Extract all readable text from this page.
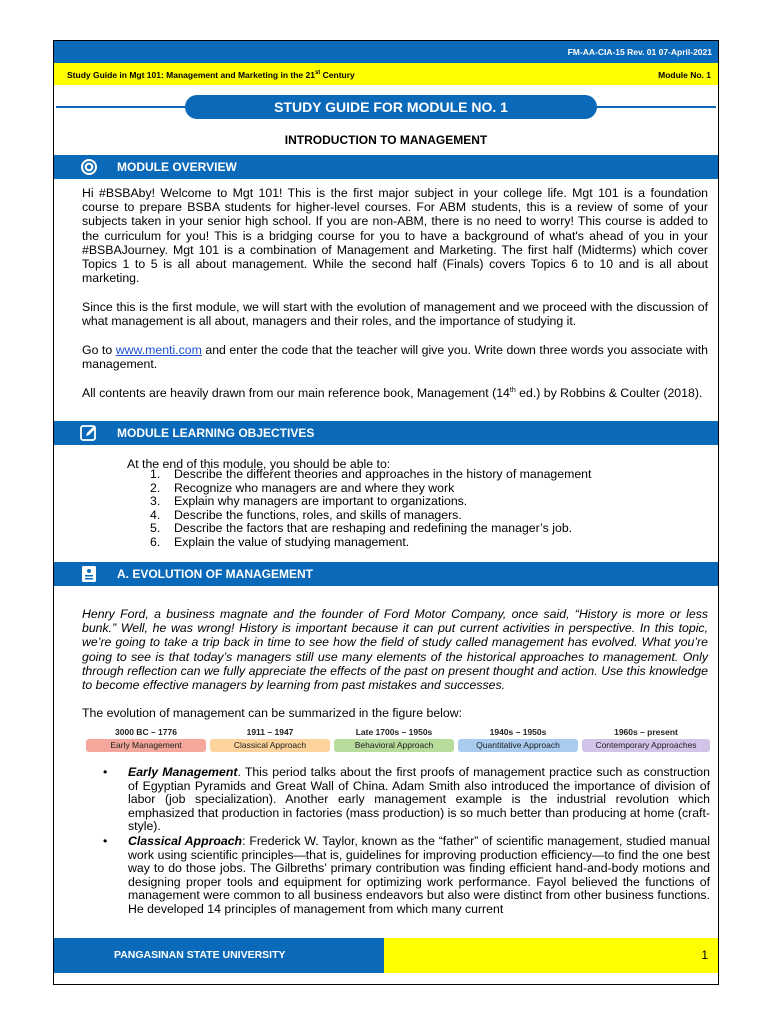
FM-AA-CIA-15 Rev. 01 07-April-2021
Study Guide in Mgt 101: Management and Marketing in the 21st Century	Module No. 1
STUDY GUIDE FOR MODULE NO. 1
INTRODUCTION TO MANAGEMENT
MODULE OVERVIEW
Hi #BSBAby! Welcome to Mgt 101! This is the first major subject in your college life. Mgt 101 is a foundation course to prepare BSBA students for higher-level courses. For ABM students, this is a review of some of your subjects taken in your senior high school. If you are non-ABM, there is no need to worry! This course is added to the curriculum for you! This is a bridging course for you to have a background of what's ahead of you in your #BSBAJourney. Mgt 101 is a combination of Management and Marketing. The first half (Midterms) which cover Topics 1 to 5 is all about management. While the second half (Finals) covers Topics 6 to 10 and is all about marketing.
Since this is the first module, we will start with the evolution of management and we proceed with the discussion of what management is all about, managers and their roles, and the importance of studying it.
Go to www.menti.com and enter the code that the teacher will give you. Write down three words you associate with management.
All contents are heavily drawn from our main reference book, Management (14th ed.) by Robbins & Coulter (2018).
MODULE LEARNING OBJECTIVES
At the end of this module, you should be able to:
1.	Describe the different theories and approaches in the history of management
2.	Recognize who managers are and where they work
3.	Explain why managers are important to organizations.
4.	Describe the functions, roles, and skills of managers.
5.	Describe the factors that are reshaping and redefining the manager’s job.
6.	Explain the value of studying management.
A. EVOLUTION OF MANAGEMENT
Henry Ford, a business magnate and the founder of Ford Motor Company, once said, “History is more or less bunk.” Well, he was wrong! History is important because it can put current activities in perspective. In this topic, we’re going to take a trip back in time to see how the field of study called management has evolved. What you’re going to see is that today’s managers still use many elements of the historical approaches to management. Only through reflection can we fully appreciate the effects of the past on present thought and action. Use this knowledge to become effective managers by learning from past mistakes and successes.
The evolution of management can be summarized in the figure below:
3000 BC – 1776
Early Management
1911 – 1947
Classical Approach
Late 1700s – 1950s
Behavioral Approach
1940s – 1950s
Quantitative Approach
1960s – present
Contemporary Approaches
• Early Management. This period talks about the first proofs of management practice such as construction of Egyptian Pyramids and Great Wall of China. Adam Smith also introduced the importance of division of labor (job specialization). Another early management example is the industrial revolution which emphasized that production in factories (mass production) is so much better than producing at home (craft-style).
• Classical Approach: Frederick W. Taylor, known as the “father” of scientific management, studied manual work using scientific principles—that is, guidelines for improving production efficiency—to find the one best way to do those jobs. The Gilbreths’ primary contribution was finding efficient hand-and-body motions and designing proper tools and equipment for optimizing work performance. Fayol believed the functions of management were common to all business endeavors but also were distinct from other business functions. He developed 14 principles of management from which many current
PANGASINAN STATE UNIVERSITY	1
